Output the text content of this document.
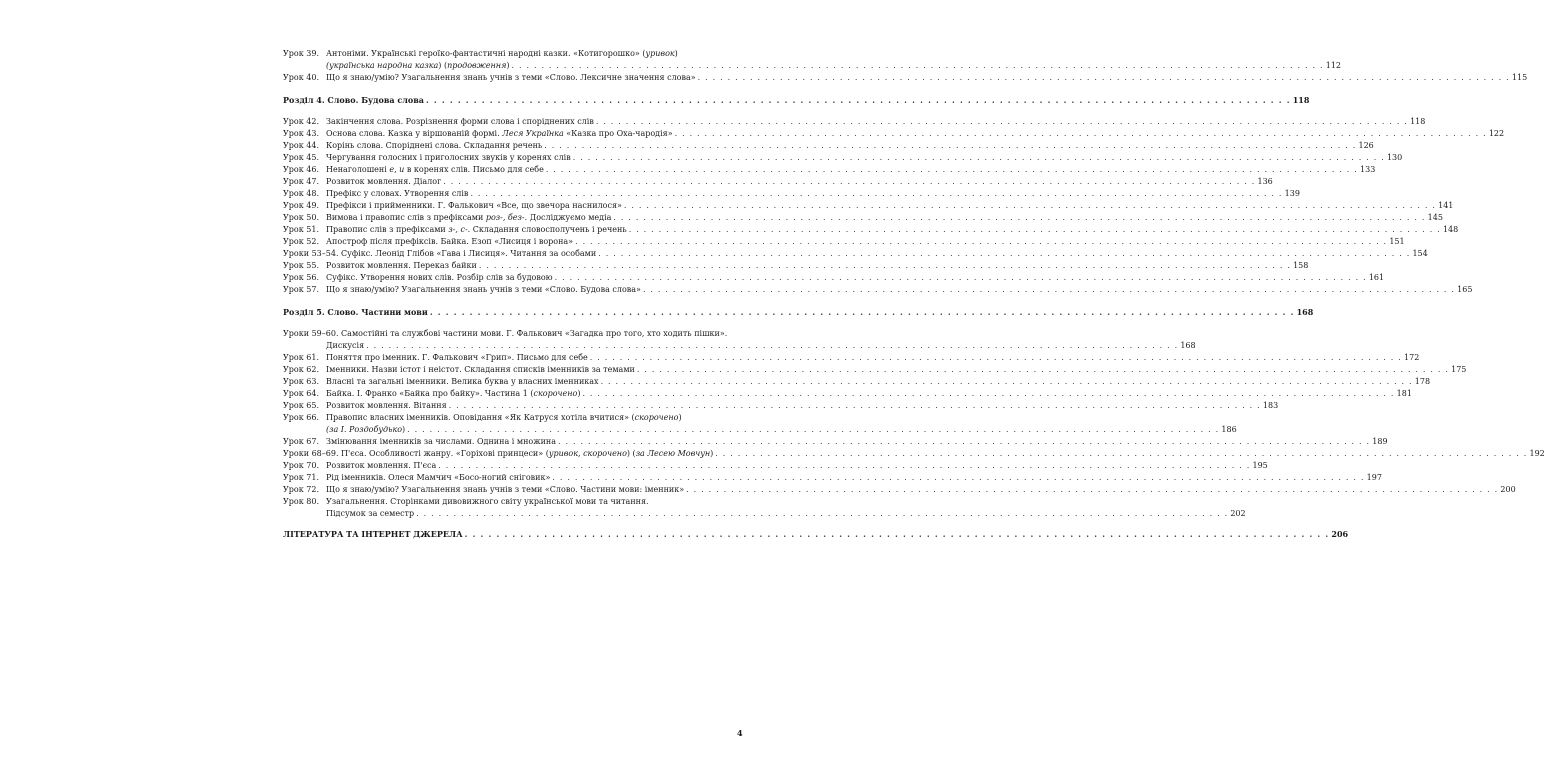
Урок 39. Антоніми. Українські героїко-фантастичні народні казки. «Котигорошко» (уривок)
(українська народна казка) (продовження) . . . . . . . . . . . . . . . . . . . . . . . . . . . . . . . . . . . . . . . . . . . . . . . . . . . . . . . . . . . . . . . . . . . . . . . . . . . . . . . . . . . . . . . . . . . . . . . . . . . . . . . . . . . . . 112
Урок 40. Що я знаю/умію? Узагальнення знань учнів з теми «Слово. Лексичне значення слова» . . . . . . . . . . . . . . . . . . . . . . . . . . . . . . . . . . . . . . . . . . . . . . . . . . . . . . . . . . . . . . . . . . . . . . . . . . . . . . . . . . . . . . . . . . . . . . . . . . . . . . . . . . . . . 115
Розділ 4. Слово. Будова слова . . . . . . . . . . . . . . . . . . . . . . . . . . . . . . . . . . . . . . . . . . . . . . . . . . . . . . . . . . . . . . . . . . . . . . . . . . . . . . . . . . . . . . . . . . . . . . . . . . . . . . . . . . . . . 118
Урок 42. Закінчення слова. Розрізнення форми слова і споріднених слів . . . . . . . . . . . . . . . . . . . . . . . . . . . . . . . . . . . . . . . . . . . . . . . . . . . . . . . . . . . . . . . . . . . . . . . . . . . . . . . . . . . . . . . . . . . . . . . . . . . . . . . . . . . . . 118
Урок 43. Основа слова. Казка у віршованій формі. Леся Українка «Казка про Оха-чародія» . . . . . . . . . . . . . . . . . . . . . . . . . . . . . . . . . . . . . . . . . . . . . . . . . . . . . . . . . . . . . . . . . . . . . . . . . . . . . . . . . . . . . . . . . . . . . . . . . . . . . . . . . . . . . 122
Урок 44. Корінь слова. Споріднені слова. Складання речень . . . . . . . . . . . . . . . . . . . . . . . . . . . . . . . . . . . . . . . . . . . . . . . . . . . . . . . . . . . . . . . . . . . . . . . . . . . . . . . . . . . . . . . . . . . . . . . . . . . . . . . . . . . . . 126
Урок 45. Чергування голосних і приголосних звуків у коренях слів . . . . . . . . . . . . . . . . . . . . . . . . . . . . . . . . . . . . . . . . . . . . . . . . . . . . . . . . . . . . . . . . . . . . . . . . . . . . . . . . . . . . . . . . . . . . . . . . . . . . . . . . . . . . . 130
Урок 46. Ненаголошені е, и в коренях слів. Письмо для себе . . . . . . . . . . . . . . . . . . . . . . . . . . . . . . . . . . . . . . . . . . . . . . . . . . . . . . . . . . . . . . . . . . . . . . . . . . . . . . . . . . . . . . . . . . . . . . . . . . . . . . . . . . . . . 133
Урок 47. Розвиток мовлення. Діалог . . . . . . . . . . . . . . . . . . . . . . . . . . . . . . . . . . . . . . . . . . . . . . . . . . . . . . . . . . . . . . . . . . . . . . . . . . . . . . . . . . . . . . . . . . . . . . . . . . . . . . . . . . . . . 136
Урок 48. Префікс у словах. Утворення слів . . . . . . . . . . . . . . . . . . . . . . . . . . . . . . . . . . . . . . . . . . . . . . . . . . . . . . . . . . . . . . . . . . . . . . . . . . . . . . . . . . . . . . . . . . . . . . . . . . . . . . . . . . . . . 139
Урок 49. Префікси і прийменники. Г. Фалькович «Все, що звечора наснилося» . . . . . . . . . . . . . . . . . . . . . . . . . . . . . . . . . . . . . . . . . . . . . . . . . . . . . . . . . . . . . . . . . . . . . . . . . . . . . . . . . . . . . . . . . . . . . . . . . . . . . . . . . . . . . 141
Урок 50. Вимова і правопис слів з префіксами роз-, без-. Досліджуємо медіа . . . . . . . . . . . . . . . . . . . . . . . . . . . . . . . . . . . . . . . . . . . . . . . . . . . . . . . . . . . . . . . . . . . . . . . . . . . . . . . . . . . . . . . . . . . . . . . . . . . . . . . . . . . . . 145
Урок 51. Правопис слів з префіксами з-, с-. Складання словосполучень і речень . . . . . . . . . . . . . . . . . . . . . . . . . . . . . . . . . . . . . . . . . . . . . . . . . . . . . . . . . . . . . . . . . . . . . . . . . . . . . . . . . . . . . . . . . . . . . . . . . . . . . . . . . . . . . 148
Урок 52. Апостроф після префіксів. Байка. Езоп «Лисиця і ворона» . . . . . . . . . . . . . . . . . . . . . . . . . . . . . . . . . . . . . . . . . . . . . . . . . . . . . . . . . . . . . . . . . . . . . . . . . . . . . . . . . . . . . . . . . . . . . . . . . . . . . . . . . . . . . 151
Уроки 53–54. Суфікс. Леонід Глібов «Гава і Лисиця». Читання за особами . . . . . . . . . . . . . . . . . . . . . . . . . . . . . . . . . . . . . . . . . . . . . . . . . . . . . . . . . . . . . . . . . . . . . . . . . . . . . . . . . . . . . . . . . . . . . . . . . . . . . . . . . . . . . 154
Урок 55. Розвиток мовлення. Переказ байки . . . . . . . . . . . . . . . . . . . . . . . . . . . . . . . . . . . . . . . . . . . . . . . . . . . . . . . . . . . . . . . . . . . . . . . . . . . . . . . . . . . . . . . . . . . . . . . . . . . . . . . . . . . . . 158
Урок 56. Суфікс. Утворення нових слів. Розбір слів за будовою . . . . . . . . . . . . . . . . . . . . . . . . . . . . . . . . . . . . . . . . . . . . . . . . . . . . . . . . . . . . . . . . . . . . . . . . . . . . . . . . . . . . . . . . . . . . . . . . . . . . . . . . . . . . . 161
Урок 57. Що я знаю/умію? Узагальнення знань учнів з теми «Слово. Будова слова» . . . . . . . . . . . . . . . . . . . . . . . . . . . . . . . . . . . . . . . . . . . . . . . . . . . . . . . . . . . . . . . . . . . . . . . . . . . . . . . . . . . . . . . . . . . . . . . . . . . . . . . . . . . . . 165
Розділ 5. Слово. Частини мови . . . . . . . . . . . . . . . . . . . . . . . . . . . . . . . . . . . . . . . . . . . . . . . . . . . . . . . . . . . . . . . . . . . . . . . . . . . . . . . . . . . . . . . . . . . . . . . . . . . . . . . . . . . . . 168
Уроки 59–60. Самостійні та службові частини мови. Г. Фалькович «Загадка про того, хто ходить пішки».
Дискусія . . . . . . . . . . . . . . . . . . . . . . . . . . . . . . . . . . . . . . . . . . . . . . . . . . . . . . . . . . . . . . . . . . . . . . . . . . . . . . . . . . . . . . . . . . . . . . . . . . . . . . . . . . . . . 168
Урок 61. Поняття про іменник. Г. Фалькович «Грип». Письмо для себе . . . . . . . . . . . . . . . . . . . . . . . . . . . . . . . . . . . . . . . . . . . . . . . . . . . . . . . . . . . . . . . . . . . . . . . . . . . . . . . . . . . . . . . . . . . . . . . . . . . . . . . . . . . . . 172
Урок 62. Іменники. Назви істот і неістот. Складання списків іменників за темами . . . . . . . . . . . . . . . . . . . . . . . . . . . . . . . . . . . . . . . . . . . . . . . . . . . . . . . . . . . . . . . . . . . . . . . . . . . . . . . . . . . . . . . . . . . . . . . . . . . . . . . . . . . . . 175
Урок 63. Власні та загальні іменники. Велика буква у власних іменниках . . . . . . . . . . . . . . . . . . . . . . . . . . . . . . . . . . . . . . . . . . . . . . . . . . . . . . . . . . . . . . . . . . . . . . . . . . . . . . . . . . . . . . . . . . . . . . . . . . . . . . . . . . . . . 178
Урок 64. Байка. І. Франко «Байка про байку». Частина 1 (скорочено) . . . . . . . . . . . . . . . . . . . . . . . . . . . . . . . . . . . . . . . . . . . . . . . . . . . . . . . . . . . . . . . . . . . . . . . . . . . . . . . . . . . . . . . . . . . . . . . . . . . . . . . . . . . . . 181
Урок 65. Розвиток мовлення. Вітання . . . . . . . . . . . . . . . . . . . . . . . . . . . . . . . . . . . . . . . . . . . . . . . . . . . . . . . . . . . . . . . . . . . . . . . . . . . . . . . . . . . . . . . . . . . . . . . . . . . . . . . . . . . . . 183
Урок 66. Правопис власних іменників. Оповідання «Як Катруся хотіла вчитися» (скорочено)
(за І. Роздобудько) . . . . . . . . . . . . . . . . . . . . . . . . . . . . . . . . . . . . . . . . . . . . . . . . . . . . . . . . . . . . . . . . . . . . . . . . . . . . . . . . . . . . . . . . . . . . . . . . . . . . . . . . . . . . . 186
Урок 67. Змінювання іменників за числами. Однина і множина . . . . . . . . . . . . . . . . . . . . . . . . . . . . . . . . . . . . . . . . . . . . . . . . . . . . . . . . . . . . . . . . . . . . . . . . . . . . . . . . . . . . . . . . . . . . . . . . . . . . . . . . . . . . . 189
Уроки 68–69. П'єса. Особливості жанру. «Горіхові принцеси» (уривок, скорочено) (за Лесею Мовчун) . . . . . . . . . . . . . . . . . . . . . . . . . . . . . . . . . . . . . . . . . . . . . . . . . . . . . . . . . . . . . . . . . . . . . . . . . . . . . . . . . . . . . . . . . . . . . . . . . . . . . . . . . . . . . 192
Урок 70. Розвиток мовлення. П'єса . . . . . . . . . . . . . . . . . . . . . . . . . . . . . . . . . . . . . . . . . . . . . . . . . . . . . . . . . . . . . . . . . . . . . . . . . . . . . . . . . . . . . . . . . . . . . . . . . . . . . . . . . . . . . 195
Урок 71. Рід іменників. Олеся Мамчич «Босо-ногий сніговик» . . . . . . . . . . . . . . . . . . . . . . . . . . . . . . . . . . . . . . . . . . . . . . . . . . . . . . . . . . . . . . . . . . . . . . . . . . . . . . . . . . . . . . . . . . . . . . . . . . . . . . . . . . . . . 197
Урок 72. Що я знаю/умію? Узагальнення знань учнів з теми «Слово. Частини мови: іменник» . . . . . . . . . . . . . . . . . . . . . . . . . . . . . . . . . . . . . . . . . . . . . . . . . . . . . . . . . . . . . . . . . . . . . . . . . . . . . . . . . . . . . . . . . . . . . . . . . . . . . . . . . . . . . 200
Урок 80. Узагальнення. Сторінками дивовижного світу української мови та читання.
Підсумок за семестр . . . . . . . . . . . . . . . . . . . . . . . . . . . . . . . . . . . . . . . . . . . . . . . . . . . . . . . . . . . . . . . . . . . . . . . . . . . . . . . . . . . . . . . . . . . . . . . . . . . . . . . . . . . . . 202
ЛІТЕРАТУРА ТА ІНТЕРНЕТ ДЖЕРЕЛА . . . . . . . . . . . . . . . . . . . . . . . . . . . . . . . . . . . . . . . . . . . . . . . . . . . . . . . . . . . . . . . . . . . . . . . . . . . . . . . . . . . . . . . . . . . . . . . . . . . . . . . . . . . . . 206
4
